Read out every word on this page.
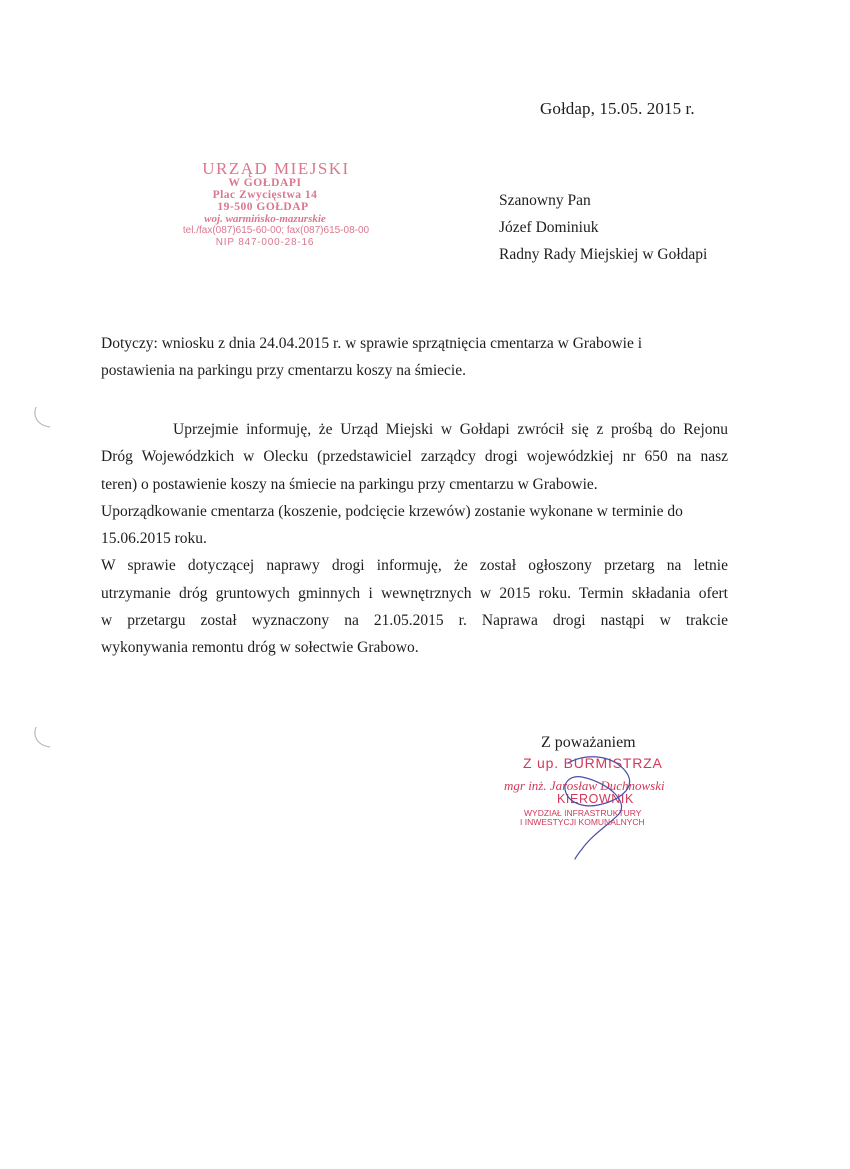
Gołdap, 15.05. 2015 r.
URZĄD MIEJSKI
W GOŁDAPI
Plac Zwycięstwa 14
19-500 GOŁDAP
woj. warmińsko-mazurskie
tel./fax(087)615-60-00; fax(087)615-08-00
NIP 847-000-28-16
Szanowny Pan
Józef Dominiuk
Radny Rady Miejskiej w Gołdapi
Dotyczy: wniosku z dnia 24.04.2015 r. w sprawie sprzątnięcia cmentarza w Grabowie i
postawienia na parkingu przy cmentarzu koszy na śmiecie.
Uprzejmie informuję, że Urząd Miejski w Gołdapi zwrócił się z prośbą do Rejonu
Dróg Wojewódzkich w Olecku (przedstawiciel zarządcy drogi wojewódzkiej nr 650 na nasz
teren) o postawienie koszy na śmiecie na parkingu przy cmentarzu w Grabowie.
Uporządkowanie cmentarza (koszenie, podcięcie krzewów) zostanie wykonane w terminie do
15.06.2015 roku.
W sprawie dotyczącej naprawy drogi informuję, że został ogłoszony przetarg na letnie
utrzymanie dróg gruntowych gminnych i wewnętrznych w 2015 roku. Termin składania ofert
w przetargu został wyznaczony na 21.05.2015 r. Naprawa drogi nastąpi w trakcie
wykonywania remontu dróg w sołectwie Grabowo.
Z poważaniem
Z up. BURMISTRZA
mgr inż. Jarosław Duchnowski
KIEROWNIK
WYDZIAŁ INFRASTRUKTURY
I INWESTYCJI KOMUNALNYCH
